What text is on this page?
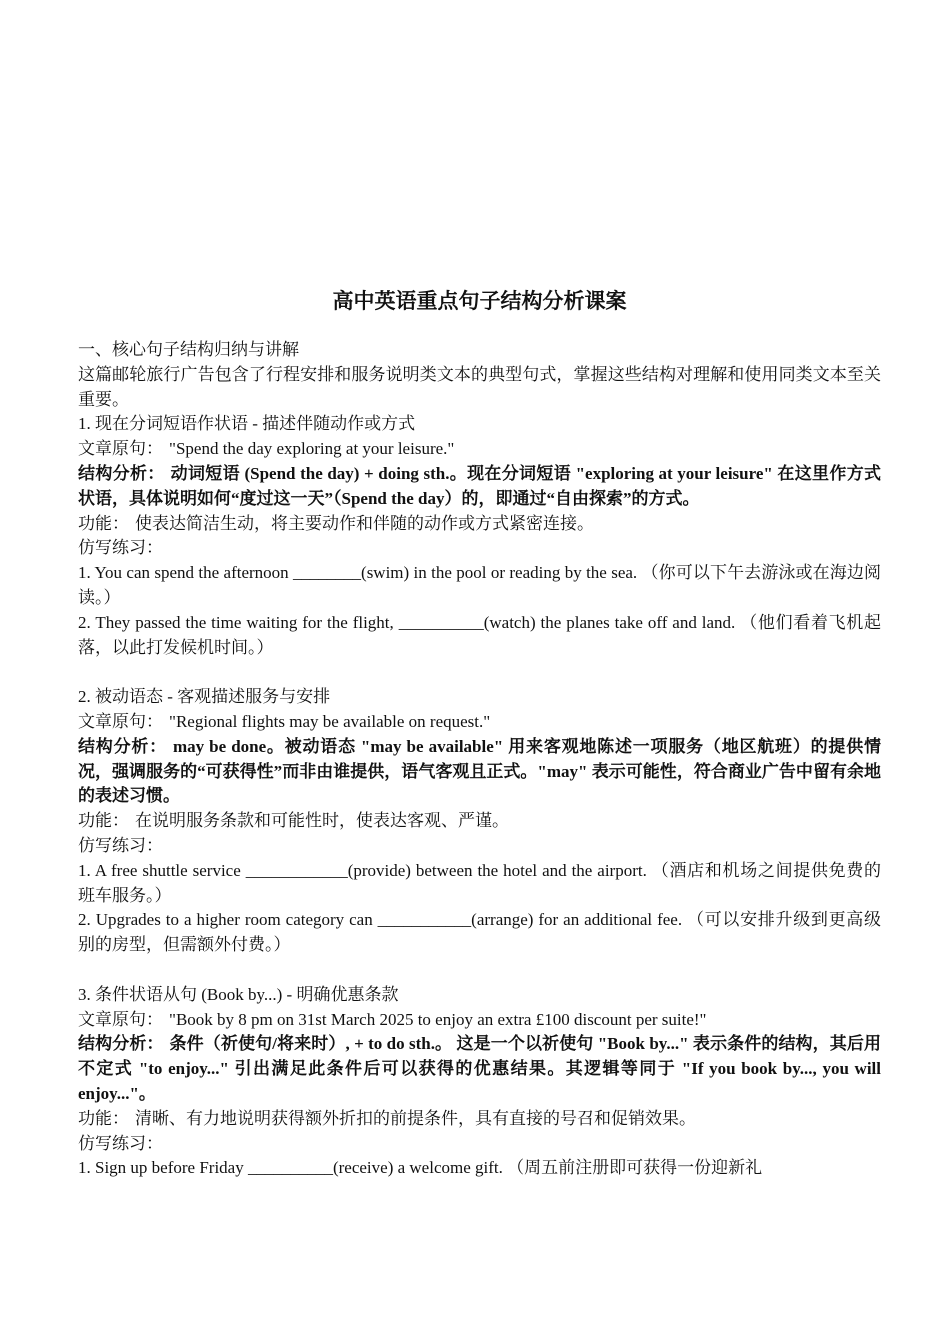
高中英语重点句子结构分析课案

一、核心句子结构归纳与讲解

这篇邮轮旅行广告包含了行程安排和服务说明类文本的典型句式，掌握这些结构对理解和使用同类文本至关重要。

1. 现在分词短语作状语 - 描述伴随动作或方式

文章原句： "Spend the day exploring at your leisure."

结构分析： 动词短语 (Spend the day) + doing sth.。现在分词短语 "exploring at your leisure" 在这里作方式状语，具体说明如何“度过这一天”（Spend the day）的，即通过“自由探索”的方式。

功能： 使表达简洁生动，将主要动作和伴随的动作或方式紧密连接。

仿写练习：

1. You can spend the afternoon ________(swim) in the pool or reading by the sea. （你可以下午去游泳或在海边阅读。）

2. They passed the time waiting for the flight, __________(watch) the planes take off and land. （他们看着飞机起落，以此打发候机时间。）

2. 被动语态 - 客观描述服务与安排

文章原句： "Regional flights may be available on request."

结构分析： may be done。被动语态 "may be available" 用来客观地陈述一项服务（地区航班）的提供情况，强调服务的“可获得性”而非由谁提供，语气客观且正式。"may" 表示可能性，符合商业广告中留有余地的表述习惯。

功能： 在说明服务条款和可能性时，使表达客观、严谨。

仿写练习：

1. A free shuttle service ____________(provide) between the hotel and the airport. （酒店和机场之间提供免费的班车服务。）

2. Upgrades to a higher room category can ___________(arrange) for an additional fee. （可以安排升级到更高级别的房型，但需额外付费。）

3. 条件状语从句 (Book by...) - 明确优惠条款

文章原句： "Book by 8 pm on 31st March 2025 to enjoy an extra £100 discount per suite!"

结构分析： 条件（祈使句/将来时）, + to do sth.。 这是一个以祈使句 "Book by..." 表示条件的结构，其后用不定式 "to enjoy..." 引出满足此条件后可以获得的优惠结果。其逻辑等同于 "If you book by..., you will enjoy..."。

功能： 清晰、有力地说明获得额外折扣的前提条件，具有直接的号召和促销效果。

仿写练习：

1. Sign up before Friday __________(receive) a welcome gift. （周五前注册即可获得一份迎新礼
